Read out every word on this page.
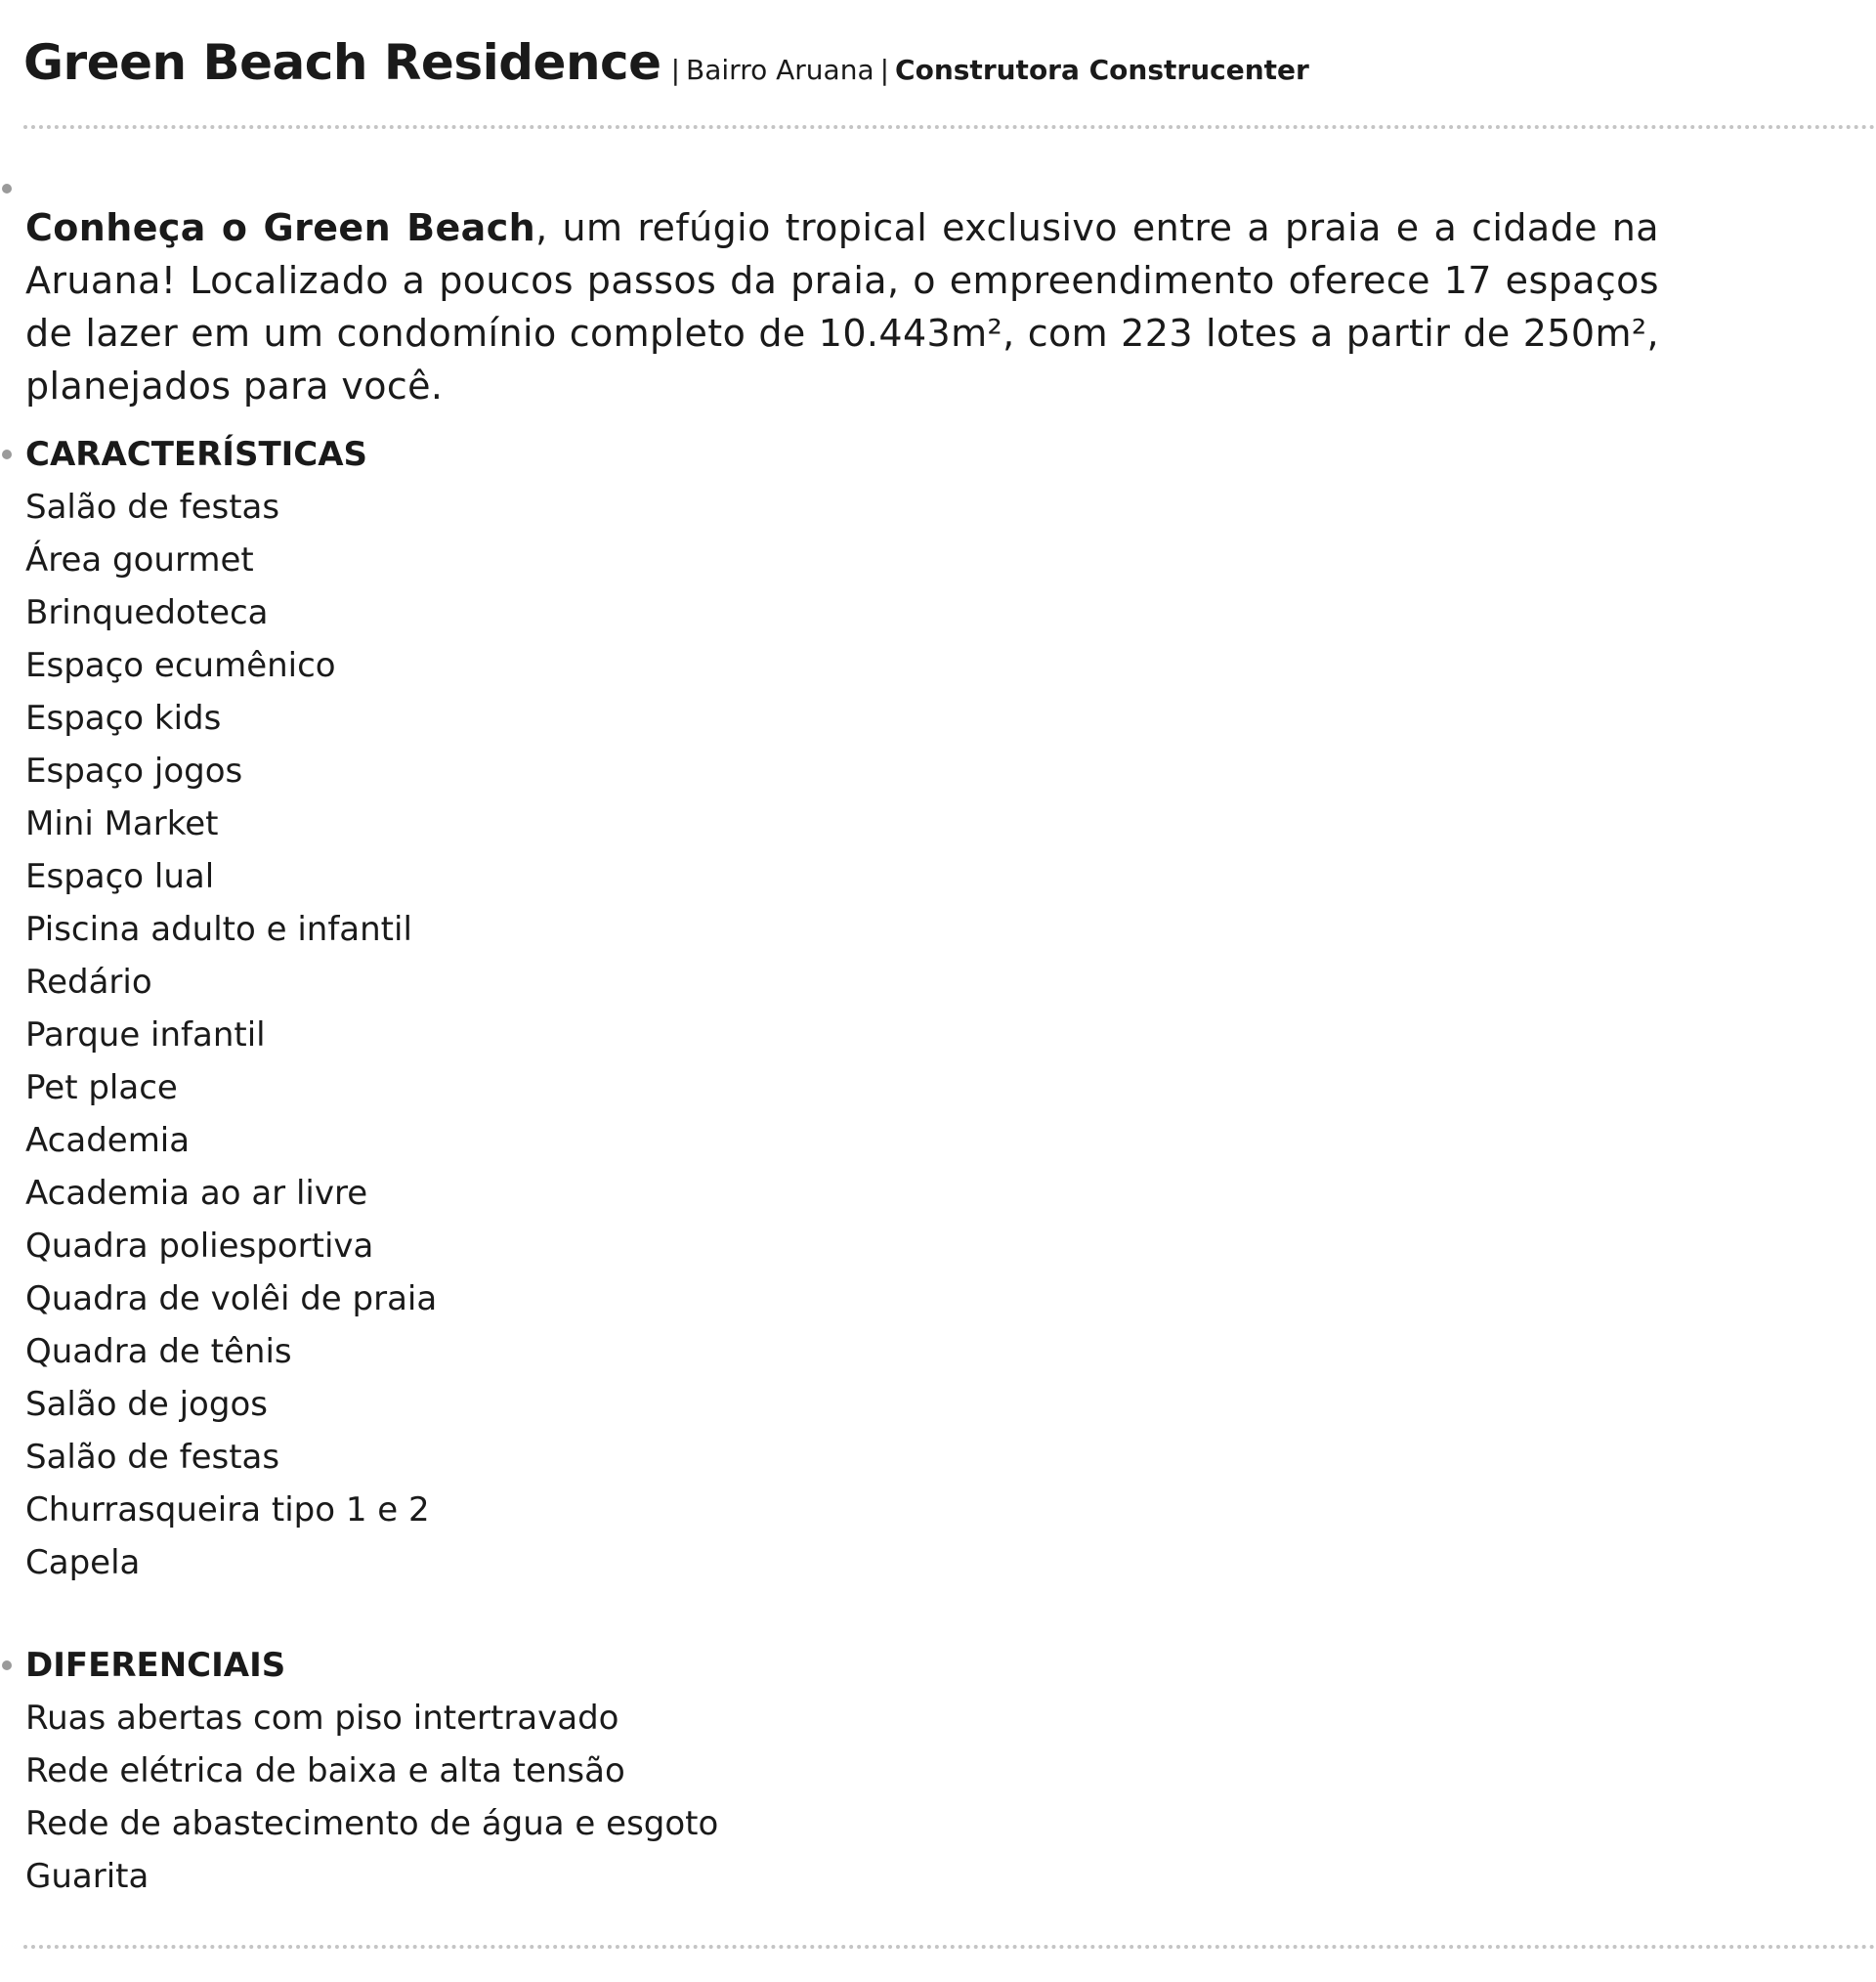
Green Beach Residence | Bairro Aruana | Construtora Construcenter

Conheça o Green Beach, um refúgio tropical exclusivo entre a praia e a cidade na Aruana! Localizado a poucos passos da praia, o empreendimento oferece 17 espaços de lazer em um condomínio completo de 10.443m², com 223 lotes a partir de 250m², planejados para você.

CARACTERÍSTICAS
Salão de festas
Área gourmet
Brinquedoteca
Espaço ecumênico
Espaço kids
Espaço jogos
Mini Market
Espaço lual
Piscina adulto e infantil
Redário
Parque infantil
Pet place
Academia
Academia ao ar livre
Quadra poliesportiva
Quadra de volêi de praia
Quadra de tênis
Salão de jogos
Salão de festas
Churrasqueira tipo 1 e 2
Capela
DIFERENCIAIS
Ruas abertas com piso intertravado
Rede elétrica de baixa e alta tensão
Rede de abastecimento de água e esgoto
Guarita
